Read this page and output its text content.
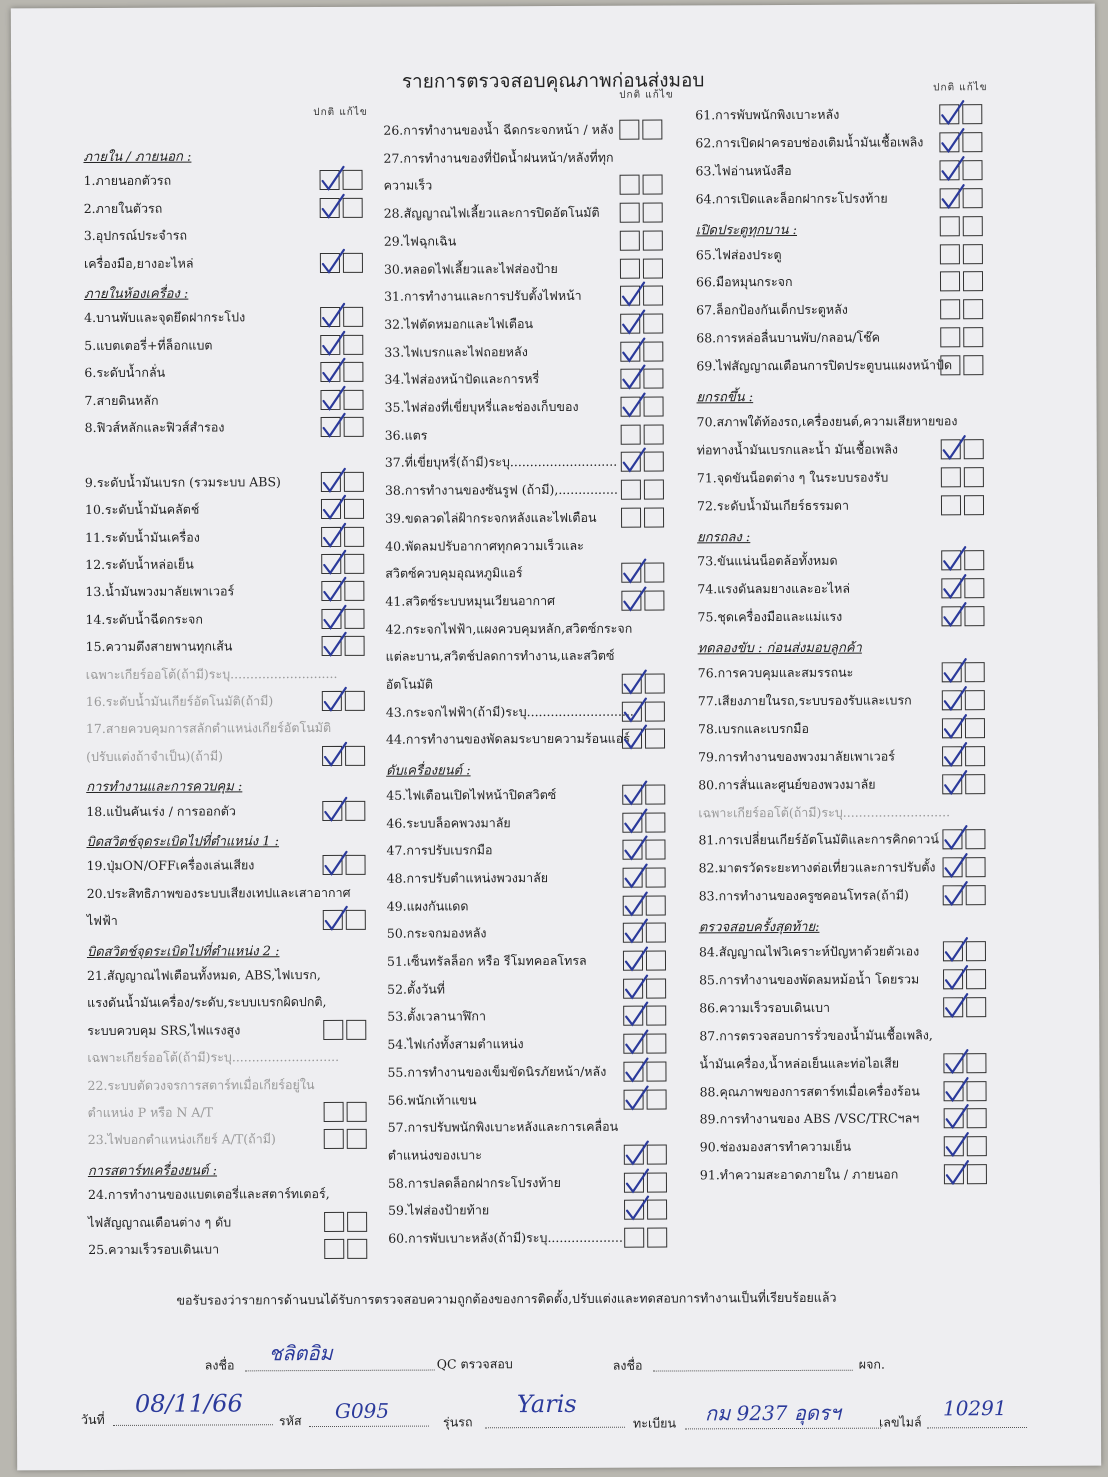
รายการตรวจสอบคุณภาพก่อนส่งมอบ
ปกติ แก้ไข
ปกติ แก้ไข
ปกติ แก้ไข
ภายใน / ภายนอก :
1.ภายนอกตัวรถ
2.ภายในตัวรถ
3.อุปกรณ์ประจำรถ
เครื่องมือ,ยางอะไหล่
ภายในห้องเครื่อง :
4.บานพับและจุดยึดฝากระโปง
5.แบตเตอรี่+ที่ล็อกแบต
6.ระดับน้ำกลั่น
7.สายดินหลัก
8.ฟิวส์หลักและฟิวส์สำรอง
9.ระดับน้ำมันเบรก (รวมระบบ ABS)
10.ระดับน้ำมันคลัตช์
11.ระดับน้ำมันเครื่อง
12.ระดับน้ำหล่อเย็น
13.น้ำมันพวงมาลัยเพาเวอร์
14.ระดับน้ำฉีดกระจก
15.ความตึงสายพานทุกเส้น
เฉพาะเกียร์ออโต้(ถ้ามี)ระบุ...........................
16.ระดับน้ำมันเกียร์อัตโนมัติ(ถ้ามี)
17.สายควบคุมการสลักตำแหน่งเกียร์อัตโนมัติ
(ปรับแต่งถ้าจำเป็น)(ถ้ามี)
การทำงานและการควบคุม :
18.แป้นคันเร่ง / การออกตัว
บิดสวิตช์จุดระเบิดไปที่ตำแหน่ง 1 :
19.ปุ่มON/OFFเครื่องเล่นเสียง
20.ประสิทธิภาพของระบบเสียงเทปและเสาอากาศ
ไฟฟ้า
บิดสวิตช์จุดระเบิดไปที่ตำแหน่ง 2 :
21.สัญญาณไฟเตือนทั้งหมด, ABS,ไฟเบรก,
แรงดันน้ำมันเครื่อง/ระดับ,ระบบเบรกผิดปกติ,
ระบบควบคุม SRS,ไฟแรงสูง
เฉพาะเกียร์ออโต้(ถ้ามี)ระบุ...........................
22.ระบบตัดวงจรการสตาร์ทเมื่อเกียร์อยู่ใน
ตำแหน่ง P หรือ N A/T
23.ไฟบอกตำแหน่งเกียร์ A/T(ถ้ามี)
การสตาร์ทเครื่องยนต์ :
24.การทำงานของแบตเตอรี่และสตาร์ทเตอร์,
ไฟสัญญาณเตือนต่าง ๆ ดับ
25.ความเร็วรอบเดินเบา
26.การทำงานของน้ำ ฉีดกระจกหน้า / หลัง
27.การทำงานของที่ปัดน้ำฝนหน้า/หลังที่ทุก
ความเร็ว
28.สัญญาณไฟเลี้ยวและการปิดอัตโนมัติ
29.ไฟฉุกเฉิน
30.หลอดไฟเลี้ยวและไฟส่องป้าย
31.การทำงานและการปรับตั้งไฟหน้า
32.ไฟตัดหมอกและไฟเตือน
33.ไฟเบรกและไฟถอยหลัง
34.ไฟส่องหน้าปัดและการหรี่
35.ไฟส่องที่เขี่ยบุหรี่และช่องเก็บของ
36.แตร
37.ที่เขี่ยบุหรี่(ถ้ามี)ระบุ...........................
38.การทำงานของซันรูฟ (ถ้ามี),...............
39.ขดลวดไล่ฝ้ากระจกหลังและไฟเตือน
40.พัดลมปรับอากาศทุกความเร็วและ
สวิตซ์ควบคุมอุณหภูมิแอร์
41.สวิตซ์ระบบหมุนเวียนอากาศ
42.กระจกไฟฟ้า,แผงควบคุมหลัก,สวิตซ์กระจก
แต่ละบาน,สวิตช์ปลดการทำงาน,และสวิตซ์
อัตโนมัติ
43.กระจกไฟฟ้า(ถ้ามี)ระบุ...........................
44.การทำงานของพัดลมระบายความร้อนแอร์
ดับเครื่องยนต์ :
45.ไฟเตือนเปิดไฟหน้าปิดสวิตซ์
46.ระบบล็อคพวงมาลัย
47.การปรับเบรกมือ
48.การปรับตำแหน่งพวงมาลัย
49.แผงกันแดด
50.กระจกมองหลัง
51.เซ็นทรัลล็อก หรือ รีโมทคอลโทรล
52.ตั้งวันที่
53.ตั้งเวลานาฬิกา
54.ไฟเก๋งทั้งสามตำแหน่ง
55.การทำงานของเข็มขัดนิรภัยหน้า/หลัง
56.พนักเท้าแขน
57.การปรับพนักพิงเบาะหลังและการเคลื่อน
ตำแหน่งของเบาะ
58.การปลดล็อกฝากระโปรงท้าย
59.ไฟส่องป้ายท้าย
60.การพับเบาะหลัง(ถ้ามี)ระบุ...................
61.การพับพนักพิงเบาะหลัง
62.การเปิดฝาครอบช่องเติมน้ำมันเชื้อเพลิง
63.ไฟอ่านหนังสือ
64.การเปิดและล็อกฝากระโปรงท้าย
เปิดประตูทุกบาน :
65.ไฟส่องประตู
66.มือหมุนกระจก
67.ล็อกป้องกันเด็กประตูหลัง
68.การหล่อลื่นบานพับ/กลอน/โช๊ค
69.ไฟสัญญาณเตือนการปิดประตูบนแผงหน้าปัด
ยกรถขึ้น :
70.สภาพใต้ท้องรถ,เครื่องยนต์,ความเสียหายของ
ท่อทางน้ำมันเบรกและน้ำ มันเชื้อเพลิง
71.จุดขันน็อตต่าง ๆ ในระบบรองรับ
72.ระดับน้ำมันเกียร์ธรรมดา
ยกรถลง :
73.ขันแน่นน็อตล้อทั้งหมด
74.แรงดันลมยางและอะไหล่
75.ชุดเครื่องมือและแม่แรง
ทดลองขับ : ก่อนส่งมอบลูกค้า
76.การควบคุมและสมรรถนะ
77.เสียงภายในรถ,ระบบรองรับและเบรก
78.เบรกและเบรกมือ
79.การทำงานของพวงมาลัยเพาเวอร์
80.การสั่นและศูนย์ของพวงมาลัย
เฉพาะเกียร์ออโต้(ถ้ามี)ระบุ...........................
81.การเปลี่ยนเกียร์อัตโนมัติและการคิกดาวน์
82.มาตรวัดระยะทางต่อเที่ยวและการปรับตั้ง
83.การทำงานของครูซคอนโทรล(ถ้ามี)
ตรวจสอบครั้งสุดท้าย:
84.สัญญาณไฟวิเคราะห์ปัญหาด้วยตัวเอง
85.การทำงานของพัดลมหม้อน้ำ โดยรวม
86.ความเร็วรอบเดินเบา
87.การตรวจสอบการรั่วของน้ำมันเชื้อเพลิง,
น้ำมันเครื่อง,น้ำหล่อเย็นและท่อไอเสีย
88.คุณภาพของการสตาร์ทเมื่อเครื่องร้อน
89.การทำงานของ ABS /VSC/TRCฯลฯ
90.ช่องมองสารทำความเย็น
91.ทำความสะอาดภายใน / ภายนอก
ขอรับรองว่ารายการด้านบนได้รับการตรวจสอบความถูกต้องของการติดตั้ง,ปรับแต่งและทดสอบการทำงานเป็นที่เรียบร้อยแล้ว
ลงชื่อ ชลิตอิม	QC ตรวจสอบ	ลงชื่อ	ผจก.
วันที่
08/11/66
รหัส G095	รุ่นรถ
Yaris
ทะเบียน กม 9237 อุดรฯ	เลขไมล์
10291
